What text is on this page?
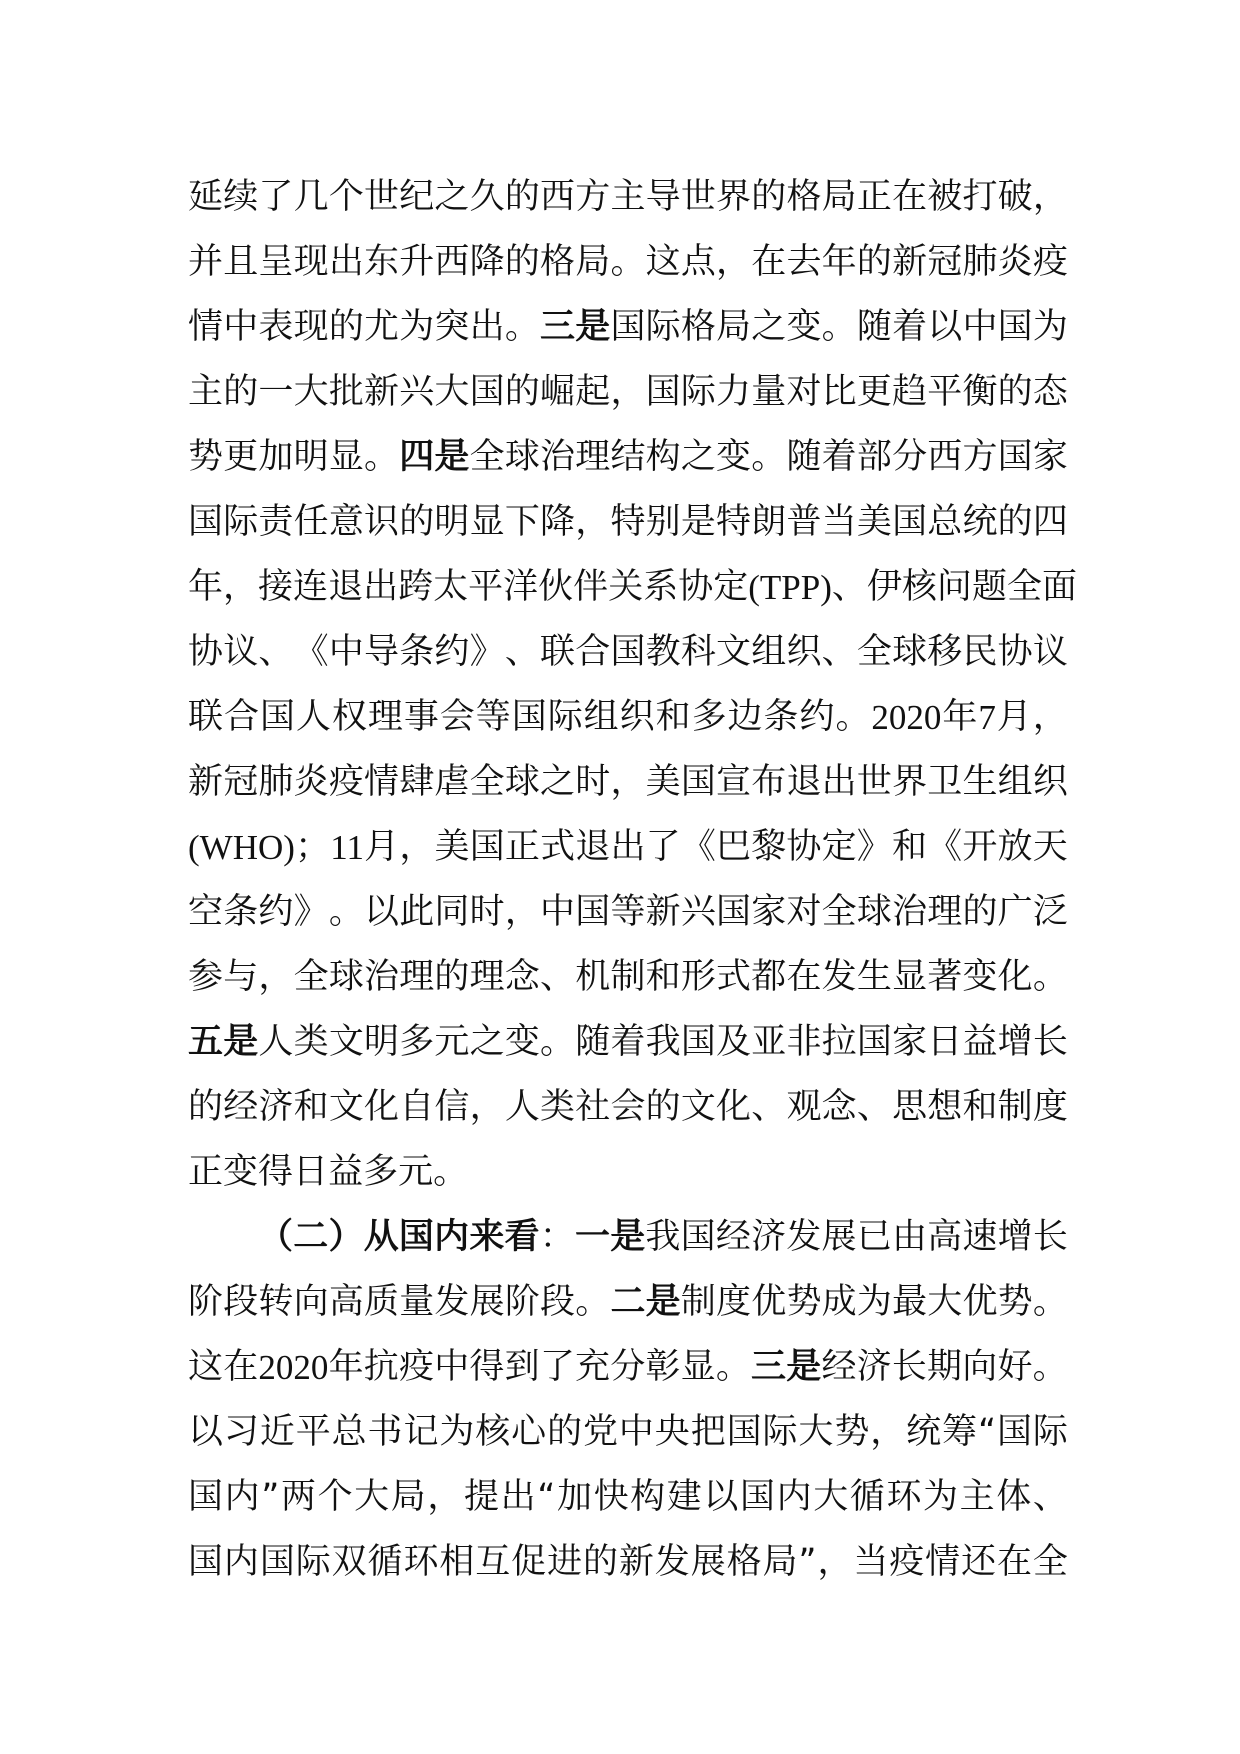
延 续 了 几 个 世 纪 之 久 的 西 方 主 导 世 界 的 格 局 正 在 被 打 破 ，
并 且 呈 现 出 东 升 西 降 的 格 局 。 这 点 ， 在 去 年 的 新 冠 肺 炎 疫
情 中 表 现 的 尤 为 突 出 。 三 是 国 际 格 局 之 变 。 随 着 以 中 国 为
主 的 一 大 批 新 兴 大 国 的 崛 起 ， 国 际 力 量 对 比 更 趋 平 衡 的 态
势 更 加 明 显 。 四 是 全 球 治 理 结 构 之 变 。 随 着 部 分 西 方 国 家
国 际 责 任 意 识 的 明 显 下 降 ， 特 别 是 特 朗 普 当 美 国 总 统 的 四
年 ， 接 连 退 出 跨 太 平 洋 伙 伴 关 系 协 定 (TPP) 、 伊 核 问 题 全 面
协 议 、 《 中 导 条 约 》 、 联 合 国 教 科 文 组 织 、 全 球 移 民 协 议
联 合 国 人 权 理 事 会 等 国 际 组 织 和 多 边 条 约 。 2020 年 7 月 ，
新 冠 肺 炎 疫 情 肆 虐 全 球 之 时 ， 美 国 宣 布 退 出 世 界 卫 生 组 织
(WHO) ； 11 月 ， 美 国 正 式 退 出 了 《 巴 黎 协 定 》 和 《 开 放 天
空 条 约 》 。 以 此 同 时 ， 中 国 等 新 兴 国 家 对 全 球 治 理 的 广 泛
参 与 ， 全 球 治 理 的 理 念 、 机 制 和 形 式 都 在 发 生 显 著 变 化 。
五 是 人 类 文 明 多 元 之 变 。 随 着 我 国 及 亚 非 拉 国 家 日 益 增 长
的 经 济 和 文 化 自 信 ， 人 类 社 会 的 文 化 、 观 念 、 思 想 和 制 度
正 变 得 日 益 多 元 。
（ 二 ） 从 国 内 来 看 ： 一 是 我 国 经 济 发 展 已 由 高 速 增 长
阶 段 转 向 高 质 量 发 展 阶 段 。 二 是 制 度 优 势 成 为 最 大 优 势 。
这 在 2020 年 抗 疫 中 得 到 了 充 分 彰 显 。 三 是 经 济 长 期 向 好 。
以 习 近 平 总 书 记 为 核 心 的 党 中 央 把 国 际 大 势 ， 统 筹 “ 国 际
国 内 ” 两 个 大 局 ， 提 出 “ 加 快 构 建 以 国 内 大 循 环 为 主 体 、
国 内 国 际 双 循 环 相 互 促 进 的 新 发 展 格 局 ” ， 当 疫 情 还 在 全
